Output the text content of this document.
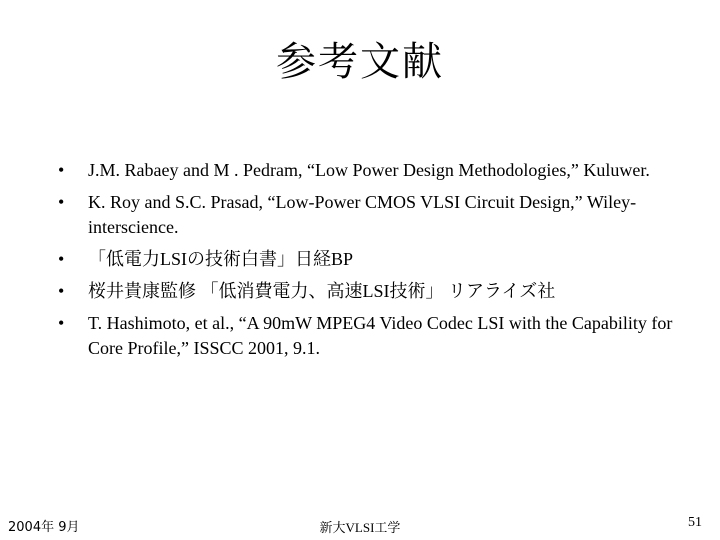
参考文献
•	J.M. Rabaey and M . Pedram, “Low Power Design Methodologies,” Kuluwer.
•	K. Roy and S.C. Prasad, “Low-Power CMOS VLSI Circuit Design,” Wiley-interscience.
•	「低電力LSIの技術白書」日経BP
•	桜井貴康監修 「低消費電力、高速LSI技術」 リアライズ社
•	T. Hashimoto, et al., “A 90mW MPEG4 Video Codec LSI with the Capability for Core Profile,” ISSCC 2001, 9.1.
2004年 9月	新大VLSI工学	51
